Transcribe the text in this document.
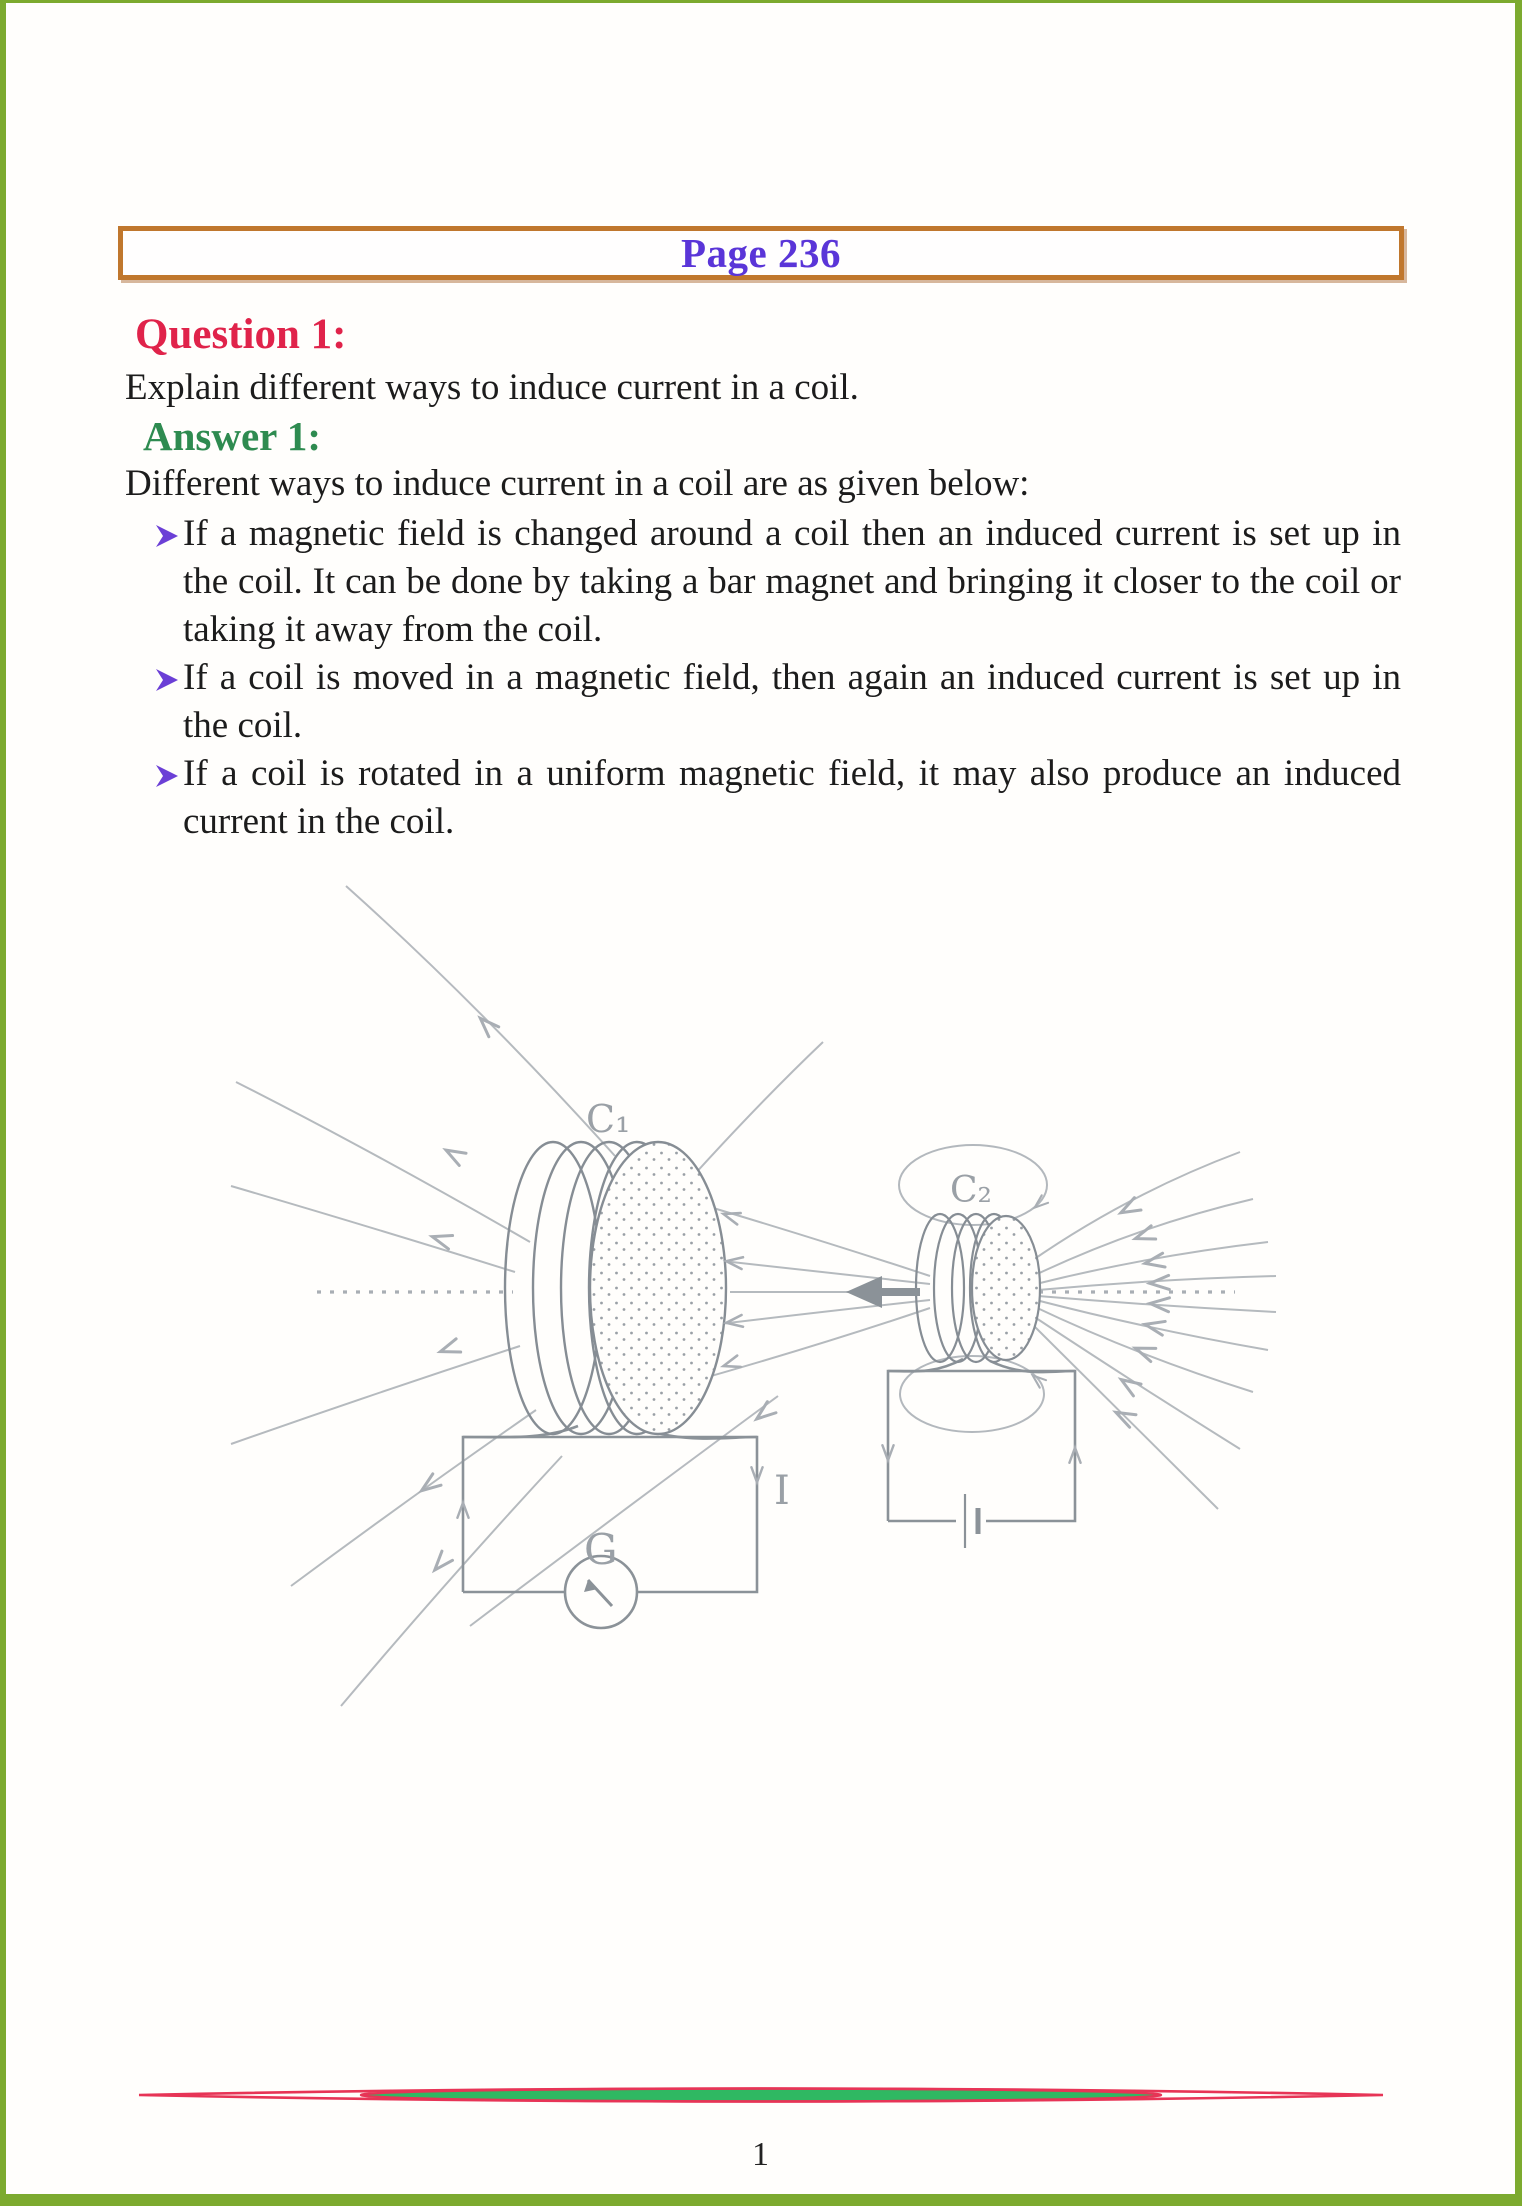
Page 236
Question 1:
Explain different ways to induce current in a coil.
Answer 1:
Different ways to induce current in a coil are as given below:
If a magnetic field is changed around a coil then an induced current is set up in the coil. It can be done by taking a bar magnet and bringing it closer to the coil or taking it away from the coil.
If a coil is moved in a magnetic field, then again an induced current is set up in the coil.
If a coil is rotated in a uniform magnetic field, it may also produce an induced current in the coil.
C₁
C₂
G
I
1
